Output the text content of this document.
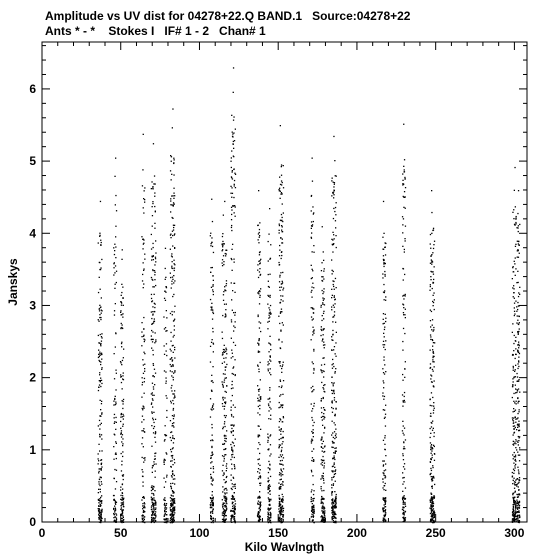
Amplitude vs UV dist for 04278+22.Q BAND.1   Source:04278+22

Ants * - *    Stokes I   IF# 1 - 2   Chan# 1

0	50	100	150	200	250	300
0
1
2
3
4
5
6
Kilo Wavlngth
Janskys
